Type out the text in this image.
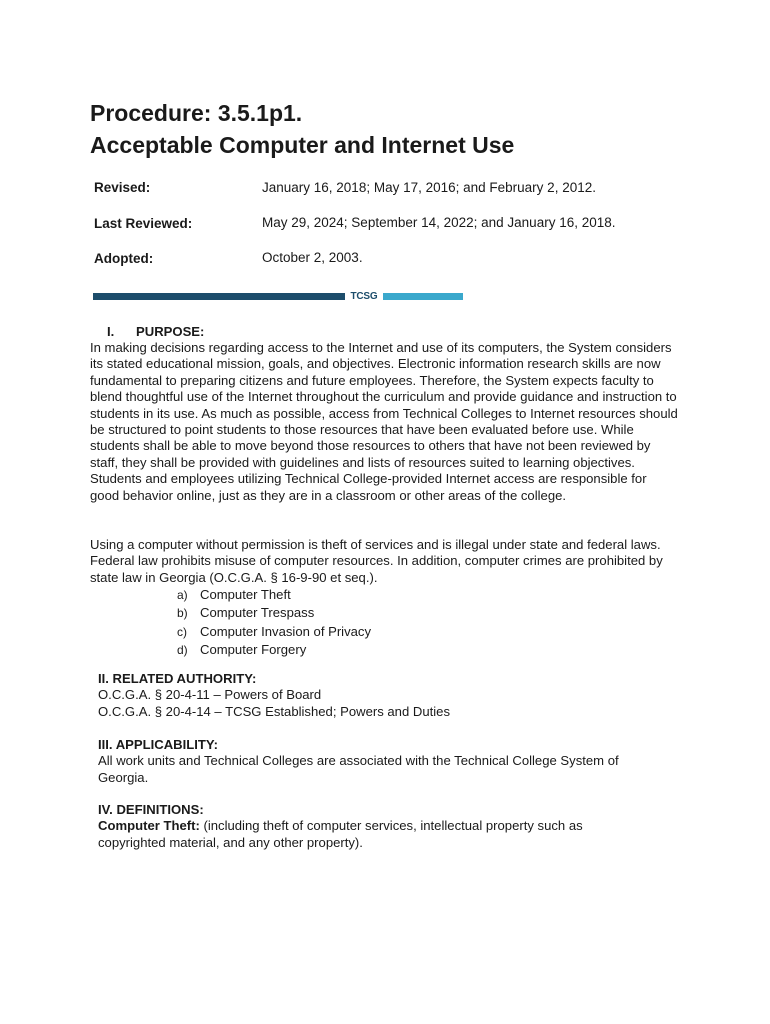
Procedure: 3.5.1p1.
Acceptable Computer and Internet Use
Revised:	January 16, 2018; May 17, 2016; and February 2, 2012.
Last Reviewed:	May 29, 2024; September 14, 2022; and January 16, 2018.
Adopted:	October 2, 2003.
TCSG
I. PURPOSE:

In making decisions regarding access to the Internet and use of its computers, the System considers its stated educational mission, goals, and objectives. Electronic information research skills are now fundamental to preparing citizens and future employees. Therefore, the System expects faculty to blend thoughtful use of the Internet throughout the curriculum and provide guidance and instruction to students in its use. As much as possible, access from Technical Colleges to Internet resources should be structured to point students to those resources that have been evaluated before use. While students shall be able to move beyond those resources to others that have not been reviewed by staff, they shall be provided with guidelines and lists of resources suited to learning objectives. Students and employees utilizing Technical College-provided Internet access are responsible for good behavior online, just as they are in a classroom or other areas of the college.

Using a computer without permission is theft of services and is illegal under state and federal laws. Federal law prohibits misuse of computer resources. In addition, computer crimes are prohibited by state law in Georgia (O.C.G.A. § 16-9-90 et seq.).

a) Computer Theft
b) Computer Trespass
c) Computer Invasion of Privacy
d) Computer Forgery
II. RELATED AUTHORITY:
O.C.G.A. § 20-4-11 – Powers of Board
O.C.G.A. § 20-4-14 – TCSG Established; Powers and Duties
III. APPLICABILITY:
All work units and Technical Colleges are associated with the Technical College System of Georgia.
IV. DEFINITIONS:
Computer Theft: (including theft of computer services, intellectual property such as copyrighted material, and any other property).
